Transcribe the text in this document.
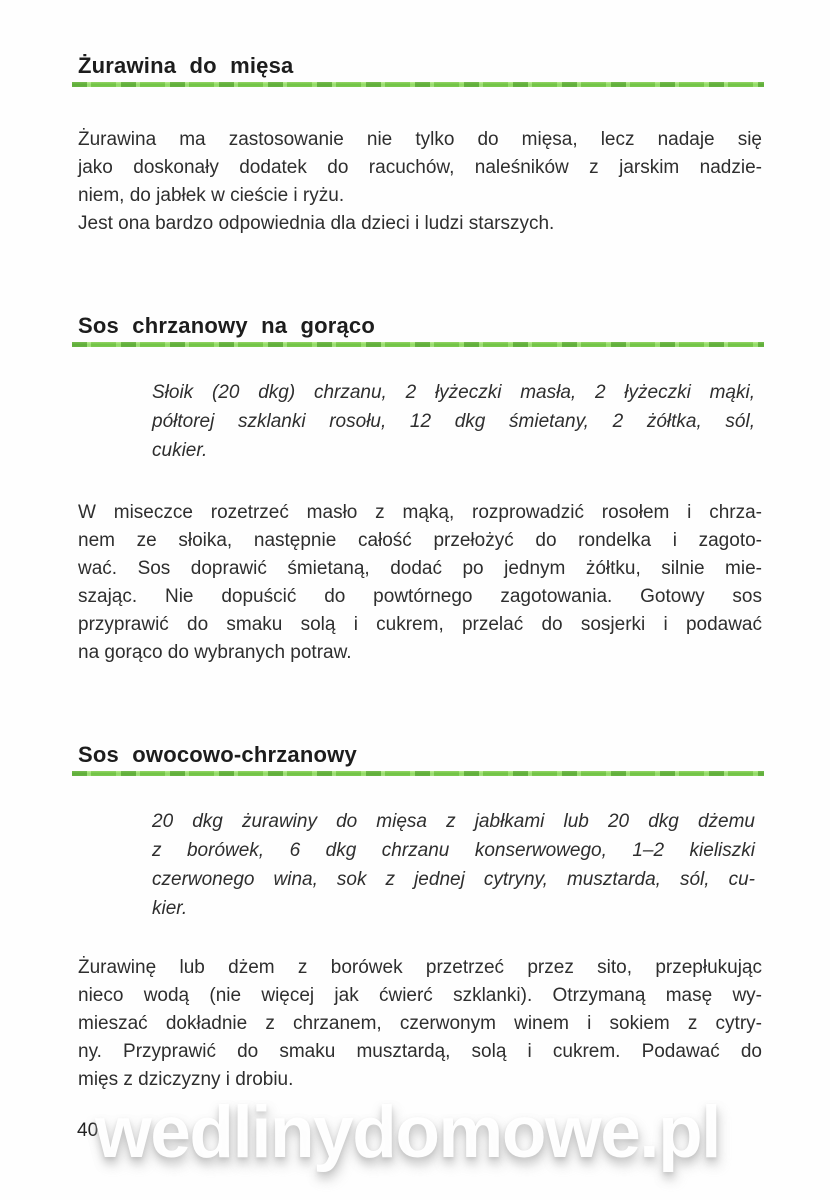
Żurawina do mięsa
Żurawina ma zastosowanie nie tylko do mięsa, lecz nadaje się
jako doskonały dodatek do racuchów, naleśników z jarskim nadzie-
niem, do jabłek w cieście i ryżu.
Jest ona bardzo odpowiednia dla dzieci i ludzi starszych.
Sos chrzanowy na gorąco
Słoik (20 dkg) chrzanu, 2 łyżeczki masła, 2 łyżeczki mąki,
półtorej szklanki rosołu, 12 dkg śmietany, 2 żółtka, sól,
cukier.
W miseczce rozetrzeć masło z mąką, rozprowadzić rosołem i chrza-
nem ze słoika, następnie całość przełożyć do rondelka i zagoto-
wać. Sos doprawić śmietaną, dodać po jednym żółtku, silnie mie-
szając. Nie dopuścić do powtórnego zagotowania. Gotowy sos
przyprawić do smaku solą i cukrem, przelać do sosjerki i podawać
na gorąco do wybranych potraw.
Sos owocowo-chrzanowy
20 dkg żurawiny do mięsa z jabłkami lub 20 dkg dżemu
z borówek, 6 dkg chrzanu konserwowego, 1–2 kieliszki
czerwonego wina, sok z jednej cytryny, musztarda, sól, cu-
kier.
Żurawinę lub dżem z borówek przetrzeć przez sito, przepłukując
nieco wodą (nie więcej jak ćwierć szklanki). Otrzymaną masę wy-
mieszać dokładnie z chrzanem, czerwonym winem i sokiem z cytry-
ny. Przyprawić do smaku musztardą, solą i cukrem. Podawać do
mięs z dziczyzny i drobiu.
40
wedlinydomowe.pl
